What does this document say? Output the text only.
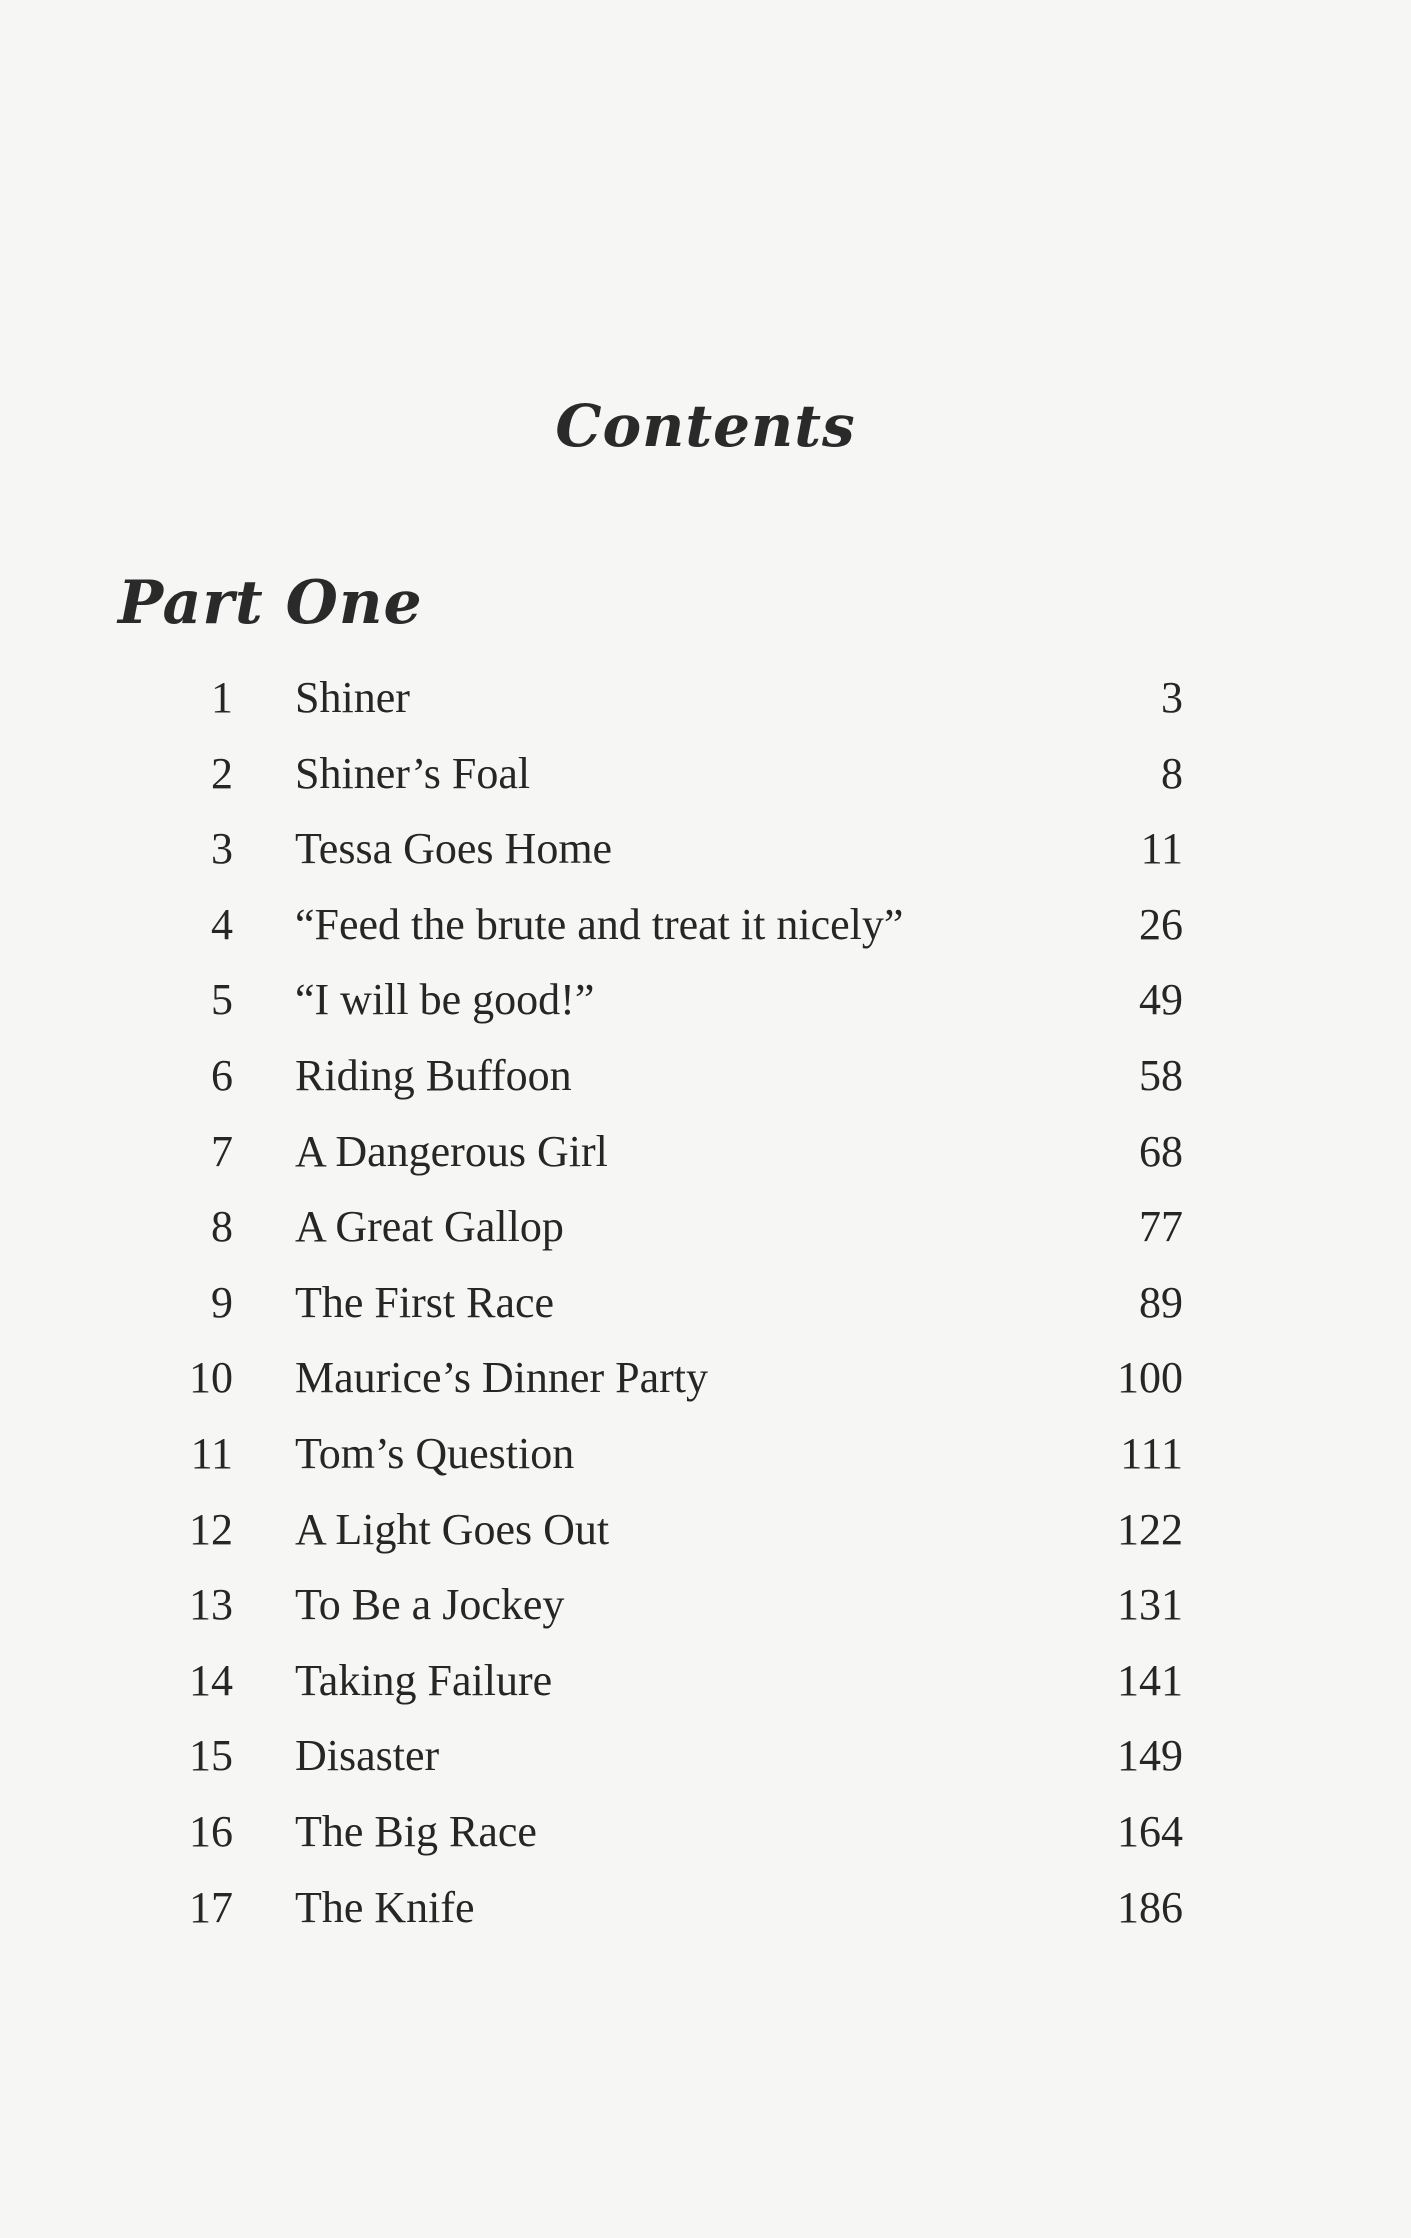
Contents
Part One
1 Shiner	3
2 Shiner’s Foal	8
3 Tessa Goes Home	11
4 “Feed the brute and treat it nicely”	26
5 “I will be good!”	49
6 Riding Buffoon	58
7 A Dangerous Girl	68
8 A Great Gallop	77
9 The First Race	89
10 Maurice’s Dinner Party	100
11 Tom’s Question	111
12 A Light Goes Out	122
13 To Be a Jockey	131
14 Taking Failure	141
15 Disaster	149
16 The Big Race	164
17 The Knife	186
